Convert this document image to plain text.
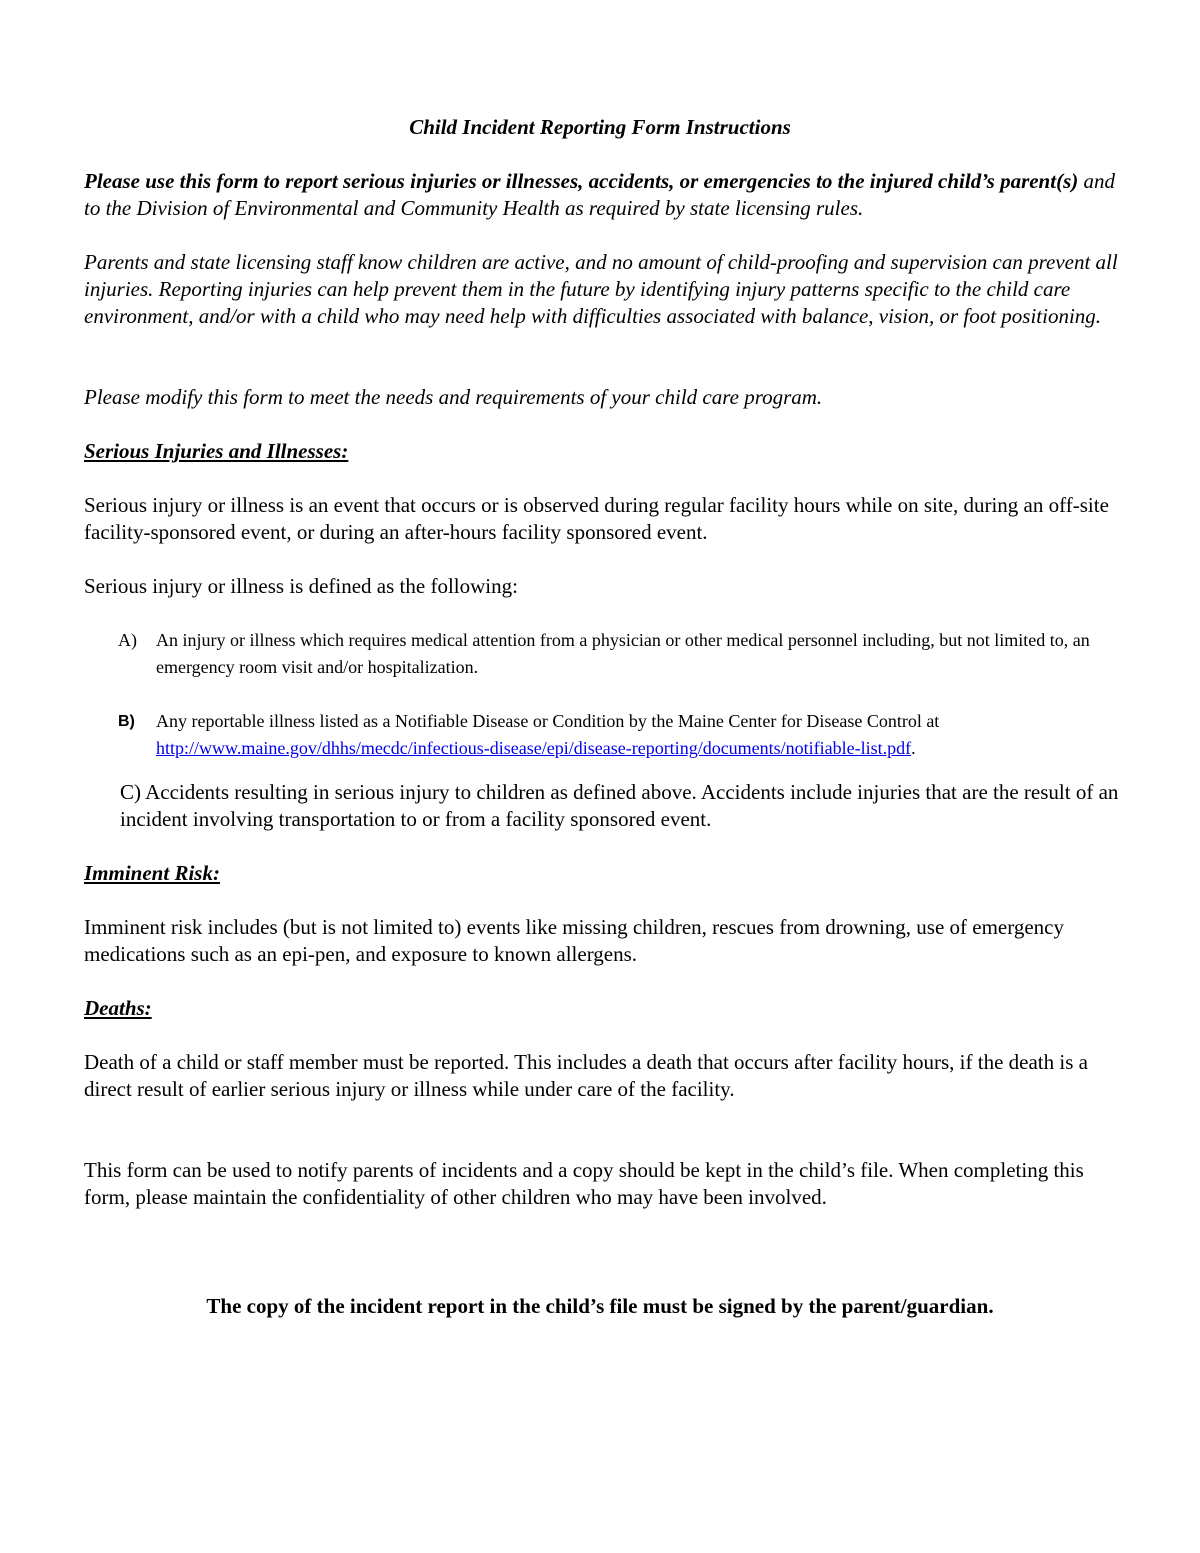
Child Incident Reporting Form Instructions

Please use this form to report serious injuries or illnesses, accidents, or emergencies to the injured child’s parent(s) and to the Division of Environmental and Community Health as required by state licensing rules.

Parents and state licensing staff know children are active, and no amount of child-proofing and supervision can prevent all injuries. Reporting injuries can help prevent them in the future by identifying injury patterns specific to the child care environment, and/or with a child who may need help with difficulties associated with balance, vision, or foot positioning.

Please modify this form to meet the needs and requirements of your child care program.

Serious Injuries and Illnesses:

Serious injury or illness is an event that occurs or is observed during regular facility hours while on site, during an off-site facility-sponsored event, or during an after-hours facility sponsored event.

Serious injury or illness is defined as the following:

A) An injury or illness which requires medical attention from a physician or other medical personnel including, but not limited to, an emergency room visit and/or hospitalization.

B) Any reportable illness listed as a Notifiable Disease or Condition by the Maine Center for Disease Control at
http://www.maine.gov/dhhs/mecdc/infectious-disease/epi/disease-reporting/documents/notifiable-list.pdf.

C) Accidents resulting in serious injury to children as defined above. Accidents include injuries that are the result of an incident involving transportation to or from a facility sponsored event.

Imminent Risk:

Imminent risk includes (but is not limited to) events like missing children, rescues from drowning, use of emergency medications such as an epi-pen, and exposure to known allergens.

Deaths:

Death of a child or staff member must be reported. This includes a death that occurs after facility hours, if the death is a direct result of earlier serious injury or illness while under care of the facility.

This form can be used to notify parents of incidents and a copy should be kept in the child’s file. When completing this form, please maintain the confidentiality of other children who may have been involved.

The copy of the incident report in the child’s file must be signed by the parent/guardian.
